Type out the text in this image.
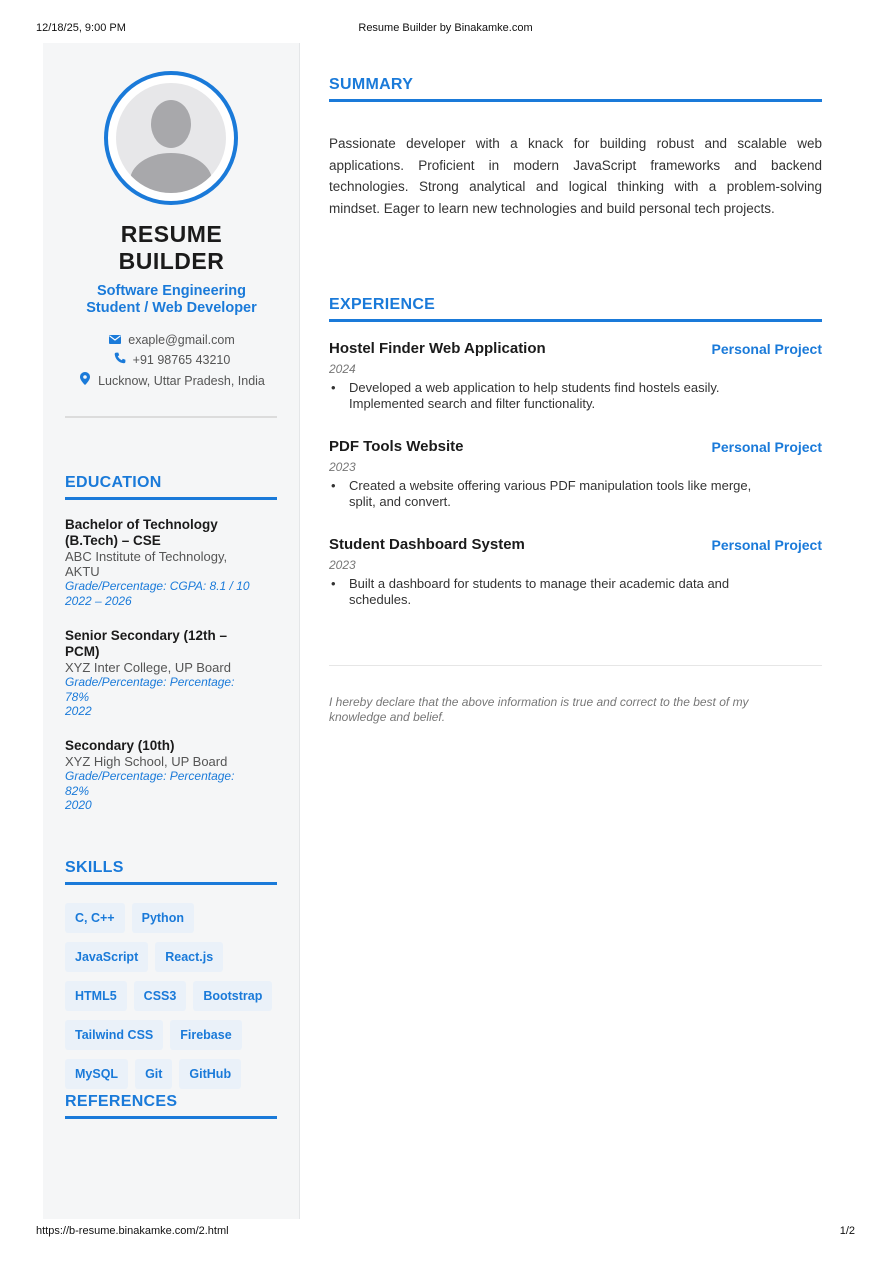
12/18/25, 9:00 PM	Resume Builder by Binakamke.com
https://b-resume.binakamke.com/2.html	1/2
RESUME
BUILDER
Software Engineering
Student / Web Developer
exaple@gmail.com
+91 98765 43210
Lucknow, Uttar Pradesh, India
EDUCATION
Bachelor of Technology
(B.Tech) – CSE
ABC Institute of Technology,
AKTU
Grade/Percentage: CGPA: 8.1 / 10
2022 – 2026
Senior Secondary (12th –
PCM)
XYZ Inter College, UP Board
Grade/Percentage: Percentage:
78%
2022
Secondary (10th)
XYZ High School, UP Board
Grade/Percentage: Percentage:
82%
2020
SKILLS
C, C++	Python
JavaScript	React.js
HTML5	CSS3	Bootstrap
Tailwind CSS	Firebase
MySQL	Git	GitHub
REFERENCES
SUMMARY
Passionate developer with a knack for building robust and scalable web applications. Proficient in modern JavaScript frameworks and backend technologies. Strong analytical and logical thinking with a problem-solving mindset. Eager to learn new technologies and build personal tech projects.
EXPERIENCE
Hostel Finder Web Application	Personal Project
2024
• Developed a web application to help students find hostels easily.
Implemented search and filter functionality.
PDF Tools Website	Personal Project
2023
• Created a website offering various PDF manipulation tools like merge,
split, and convert.
Student Dashboard System	Personal Project
2023
• Built a dashboard for students to manage their academic data and
schedules.
I hereby declare that the above information is true and correct to the best of my
knowledge and belief.
